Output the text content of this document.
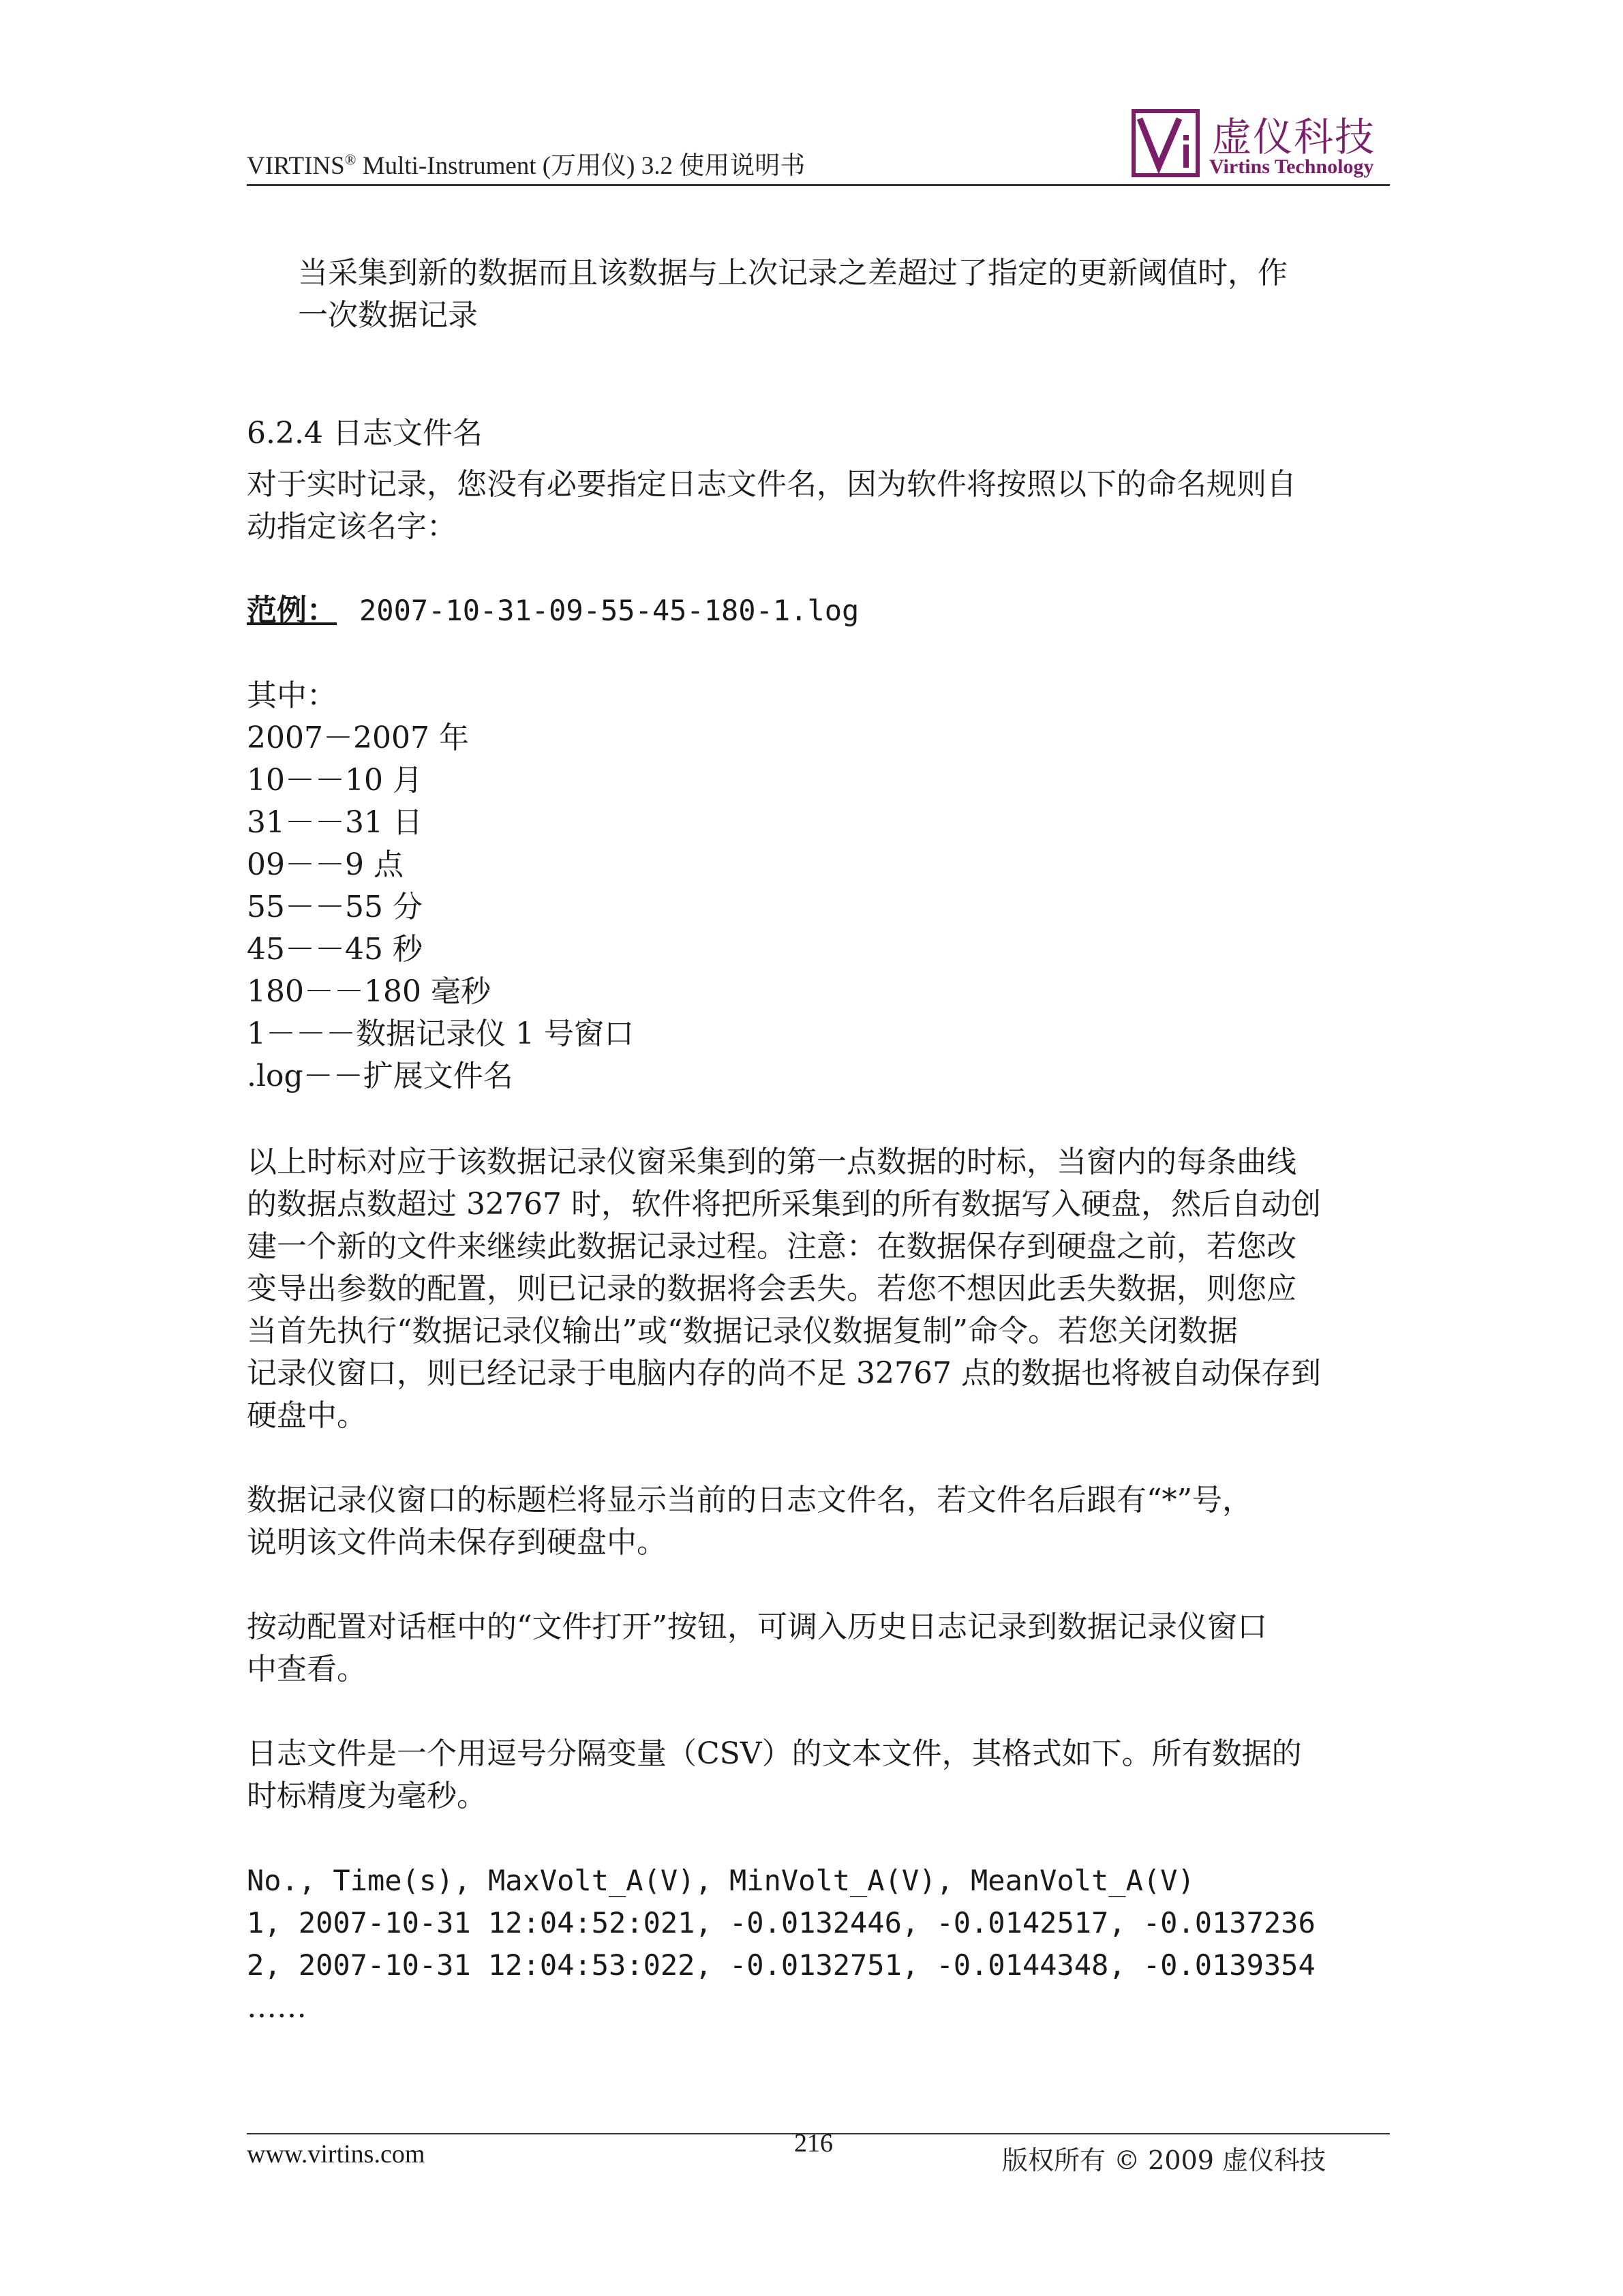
VIRTINS® Multi-Instrument (万用仪) 3.2 使用说明书
虚仪科技
Virtins Technology
当采集到新的数据而且该数据与上次记录之差超过了指定的更新阈值时，作
一次数据记录
6.2.4 日志文件名
对于实时记录，您没有必要指定日志文件名，因为软件将按照以下的命名规则自
动指定该名字：
范例： 2007-10-31-09-55-45-180-1.log
其中：
2007－2007 年
10－－10 月
31－－31 日
09－－9 点
55－－55 分
45－－45 秒
180－－180 毫秒
1－－－数据记录仪 1 号窗口
.log－－扩展文件名
以上时标对应于该数据记录仪窗采集到的第一点数据的时标，当窗内的每条曲线
的数据点数超过 32767 时，软件将把所采集到的所有数据写入硬盘，然后自动创
建一个新的文件来继续此数据记录过程。注意：在数据保存到硬盘之前，若您改
变导出参数的配置，则已记录的数据将会丢失。若您不想因此丢失数据，则您应
当首先执行“数据记录仪输出”或“数据记录仪数据复制”命令。若您关闭数据
记录仪窗口，则已经记录于电脑内存的尚不足 32767 点的数据也将被自动保存到
硬盘中。
数据记录仪窗口的标题栏将显示当前的日志文件名，若文件名后跟有“*”号，
说明该文件尚未保存到硬盘中。
按动配置对话框中的“文件打开”按钮，可调入历史日志记录到数据记录仪窗口
中查看。
日志文件是一个用逗号分隔变量（CSV）的文本文件，其格式如下。所有数据的
时标精度为毫秒。
No., Time(s), MaxVolt_A(V), MinVolt_A(V), MeanVolt_A(V)
1, 2007-10-31 12:04:52:021, -0.0132446, -0.0142517, -0.0137236
2, 2007-10-31 12:04:53:022, -0.0132751, -0.0144348, -0.0139354
……
www.virtins.com	216
版权所有 © 2009 虚仪科技
